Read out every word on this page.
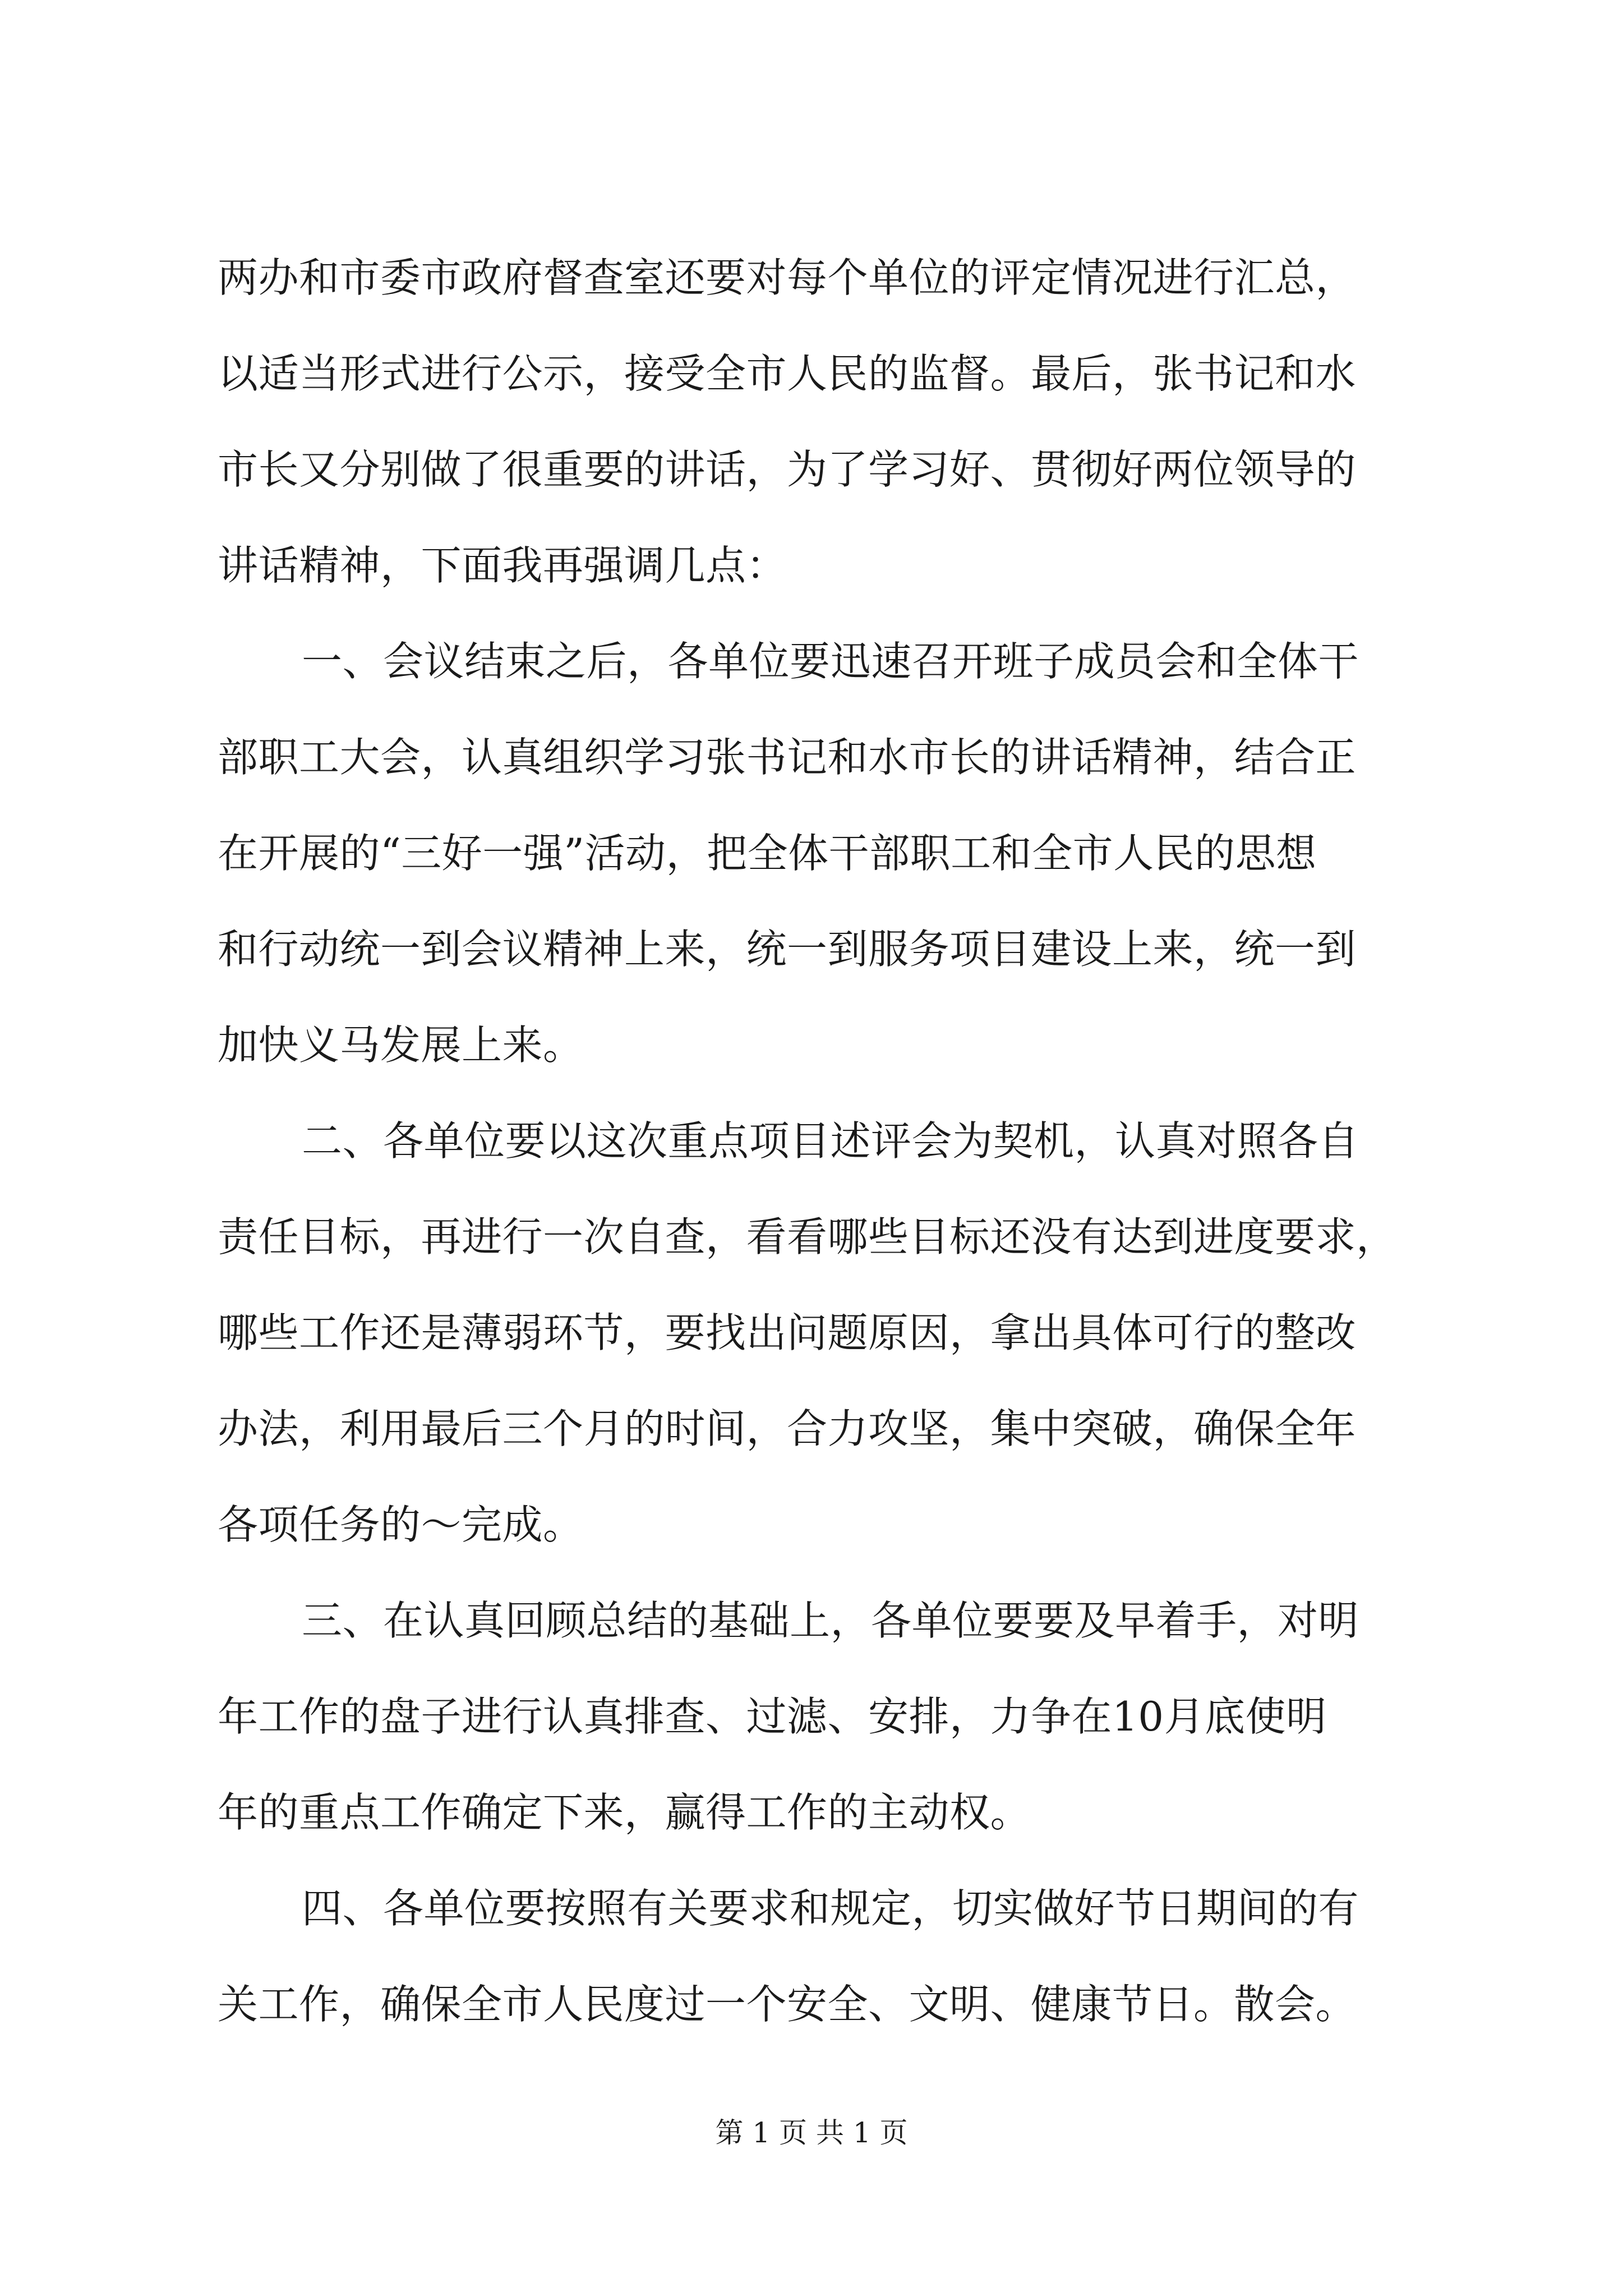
两办和市委市政府督查室还要对每个单位的评定情况进行汇总，
以适当形式进行公示，接受全市人民的监督。最后，张书记和水
市长又分别做了很重要的讲话，为了学习好、贯彻好两位领导的
讲话精神，下面我再强调几点：
一、会议结束之后，各单位要迅速召开班子成员会和全体干
部职工大会，认真组织学习张书记和水市长的讲话精神，结合正
在开展的“三好一强”活动，把全体干部职工和全市人民的思想
和行动统一到会议精神上来，统一到服务项目建设上来，统一到
加快义马发展上来。
二、各单位要以这次重点项目述评会为契机，认真对照各自
责任目标，再进行一次自查，看看哪些目标还没有达到进度要求，
哪些工作还是薄弱环节，要找出问题原因，拿出具体可行的整改
办法，利用最后三个月的时间，合力攻坚，集中突破，确保全年
各项任务的～完成。
三、在认真回顾总结的基础上，各单位要要及早着手，对明
年工作的盘子进行认真排查、过滤、安排，力争在10月底使明
年的重点工作确定下来，赢得工作的主动权。
四、各单位要按照有关要求和规定，切实做好节日期间的有
关工作，确保全市人民度过一个安全、文明、健康节日。散会。
第 1 页 共 1 页
